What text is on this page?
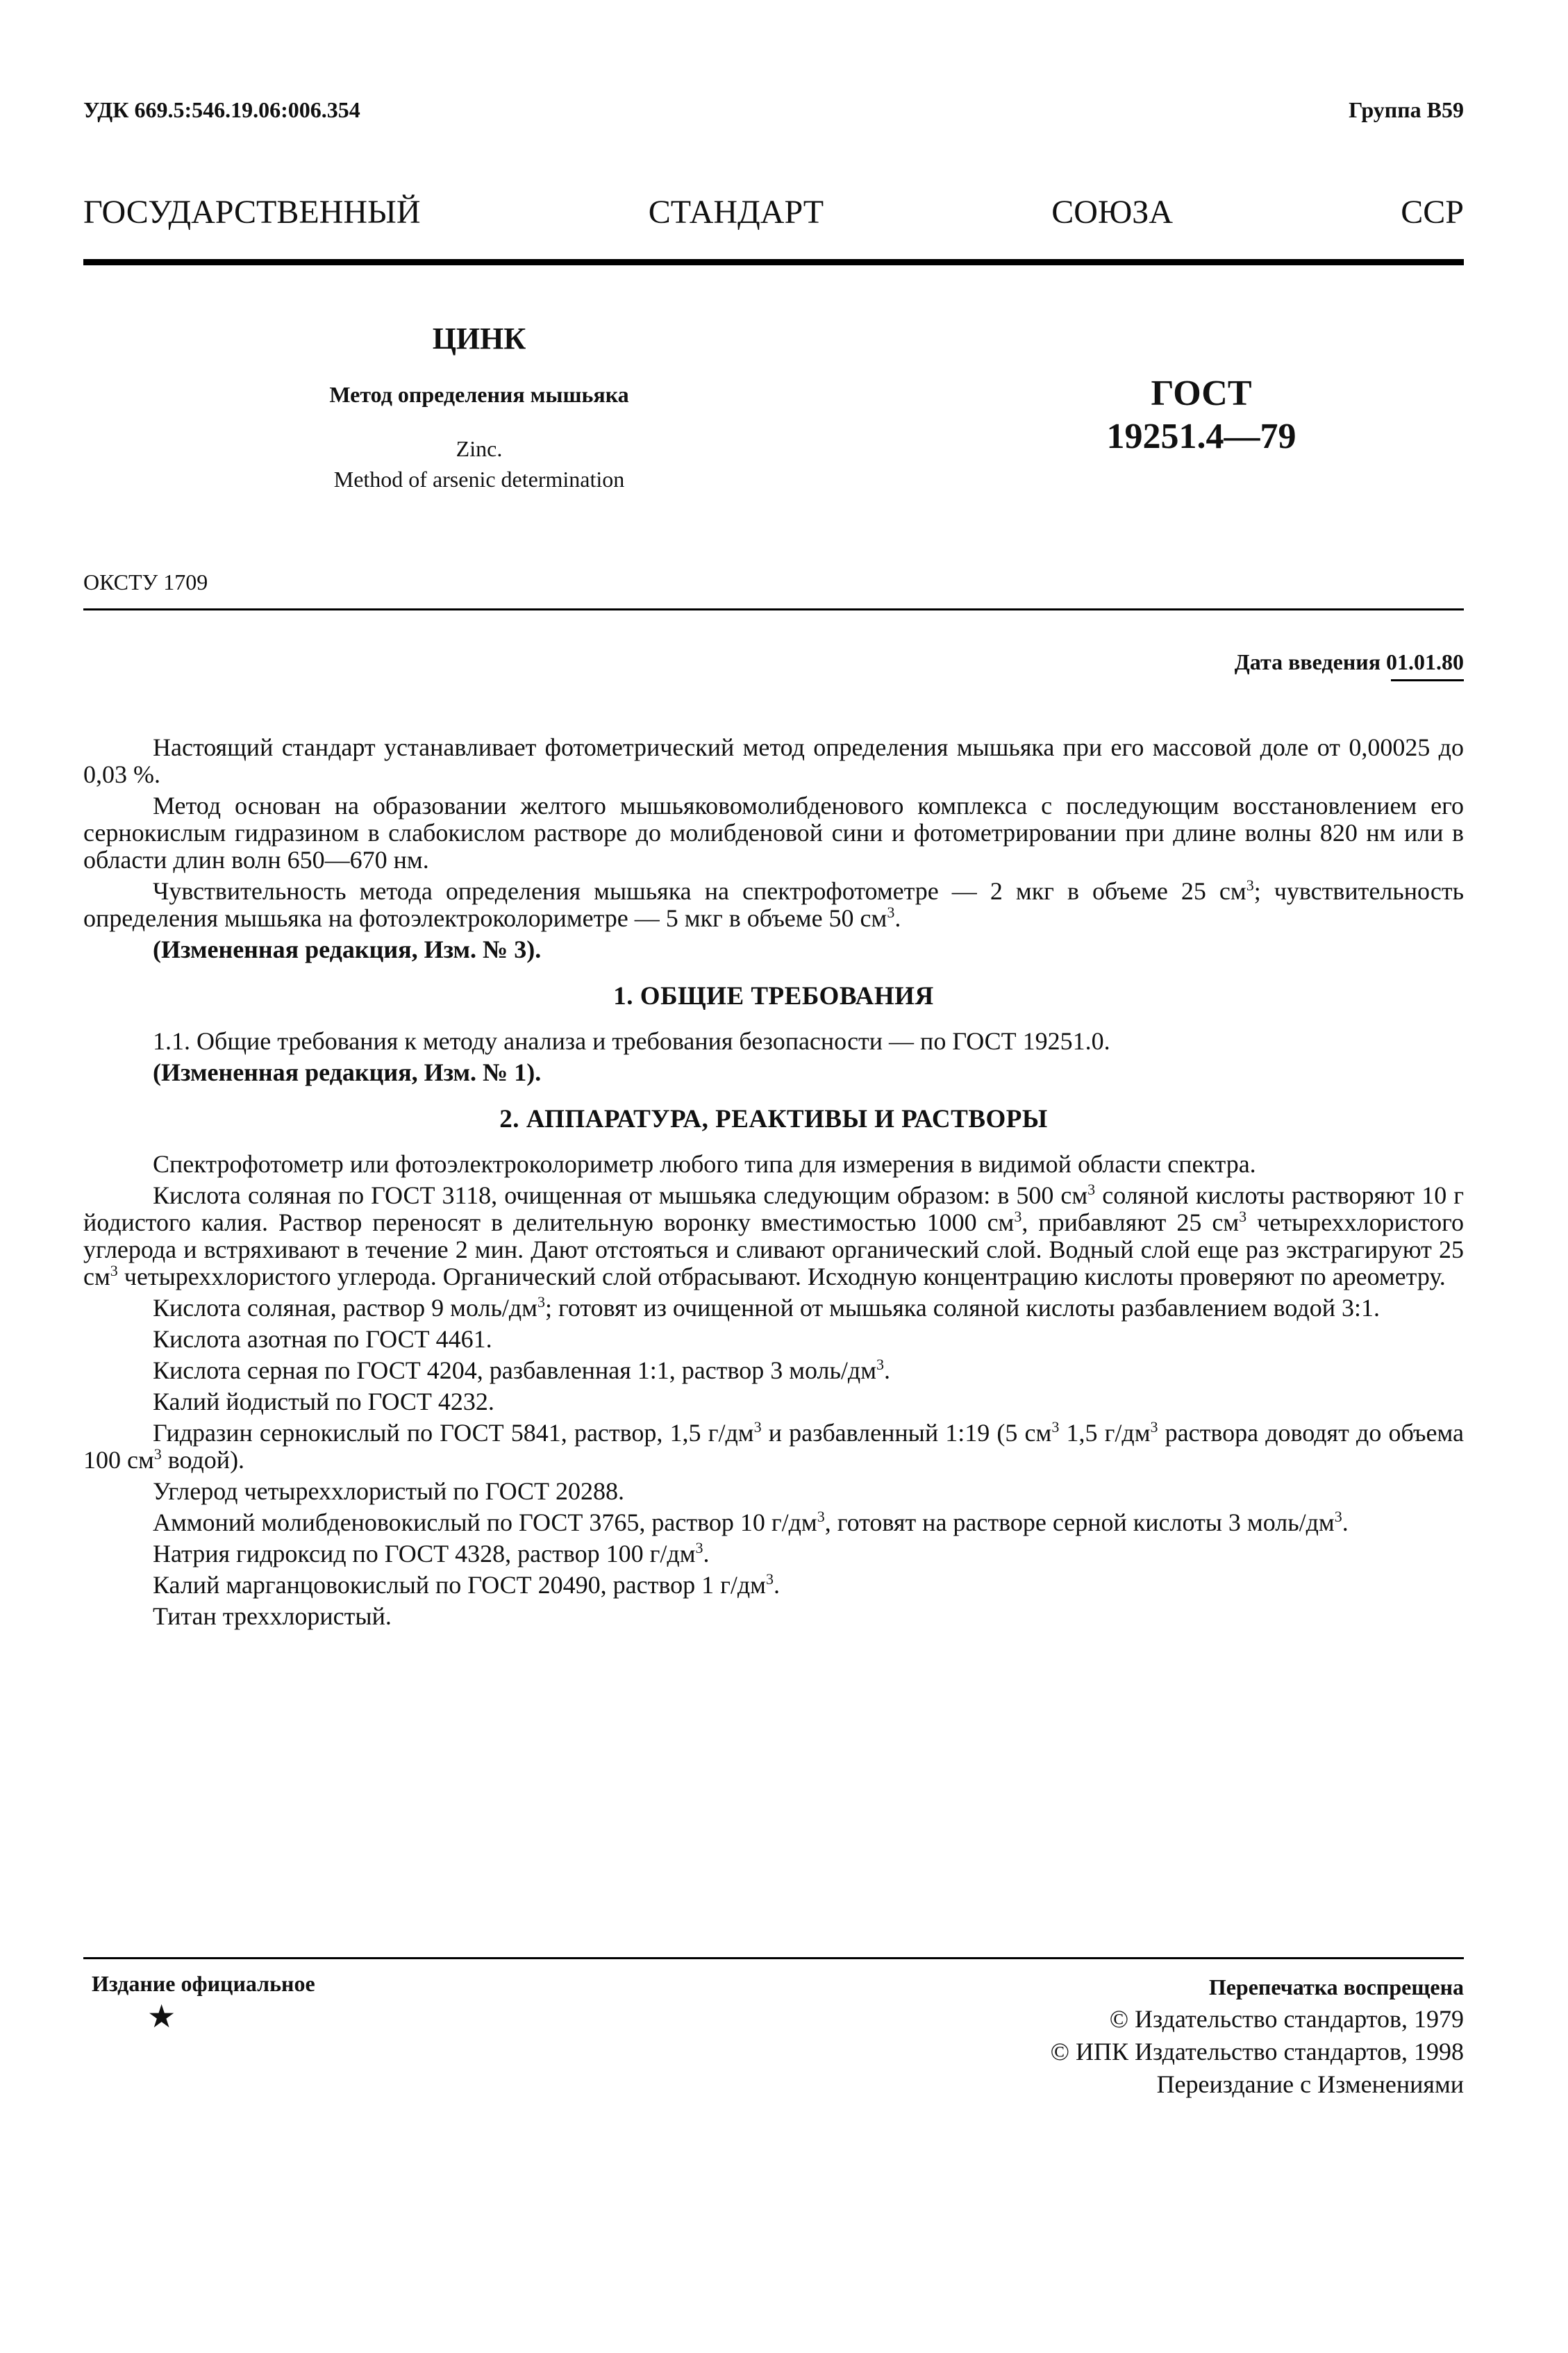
УДК 669.5:546.19.06:006.354	Группа В59
ГОСУДАРСТВЕННЫЙ	СТАНДАРТ	СОЮЗА	ССР
ЦИНК
Метод определения мышьяка
Zinc.
Method of arsenic determination
ГОСТ
19251.4—79
ОКСТУ 1709
Дата введения 01.01.80

Настоящий стандарт устанавливает фотометрический метод определения мышьяка при его массовой доле от 0,00025 до 0,03 %.

Метод основан на образовании желтого мышьяковомолибденового комплекса с последующим восстановлением его сернокислым гидразином в слабокислом растворе до молибденовой сини и фотометрировании при длине волны 820 нм или в области длин волн 650—670 нм.

Чувствительность метода определения мышьяка на спектрофотометре — 2 мкг в объеме 25 $см^3$; чувствительность определения мышьяка на фотоэлектроколориметре — 5 мкг в объеме 50 $см^3$.

(Измененная редакция, Изм. № 3).

1. ОБЩИЕ ТРЕБОВАНИЯ

1.1. Общие требования к методу анализа и требования безопасности — по ГОСТ 19251.0.

(Измененная редакция, Изм. № 1).

2. АППАРАТУРА, РЕАКТИВЫ И РАСТВОРЫ

Спектрофотометр или фотоэлектроколориметр любого типа для измерения в видимой области спектра.

Кислота соляная по ГОСТ 3118, очищенная от мышьяка следующим образом: в 500 $см^3$ соляной кислоты растворяют 10 г йодистого калия. Раствор переносят в делительную воронку вместимостью 1000 $см^3$, прибавляют 25 $см^3$ четыреххлористого углерода и встряхивают в течение 2 мин. Дают отстояться и сливают органический слой. Водный слой еще раз экстрагируют 25 $см^3$ четыреххлористого углерода. Органический слой отбрасывают. Исходную концентрацию кислоты проверяют по ареометру.

Кислота соляная, раствор 9 моль/$дм^3$; готовят из очищенной от мышьяка соляной кислоты разбавлением водой 3:1.

Кислота азотная по ГОСТ 4461.

Кислота серная по ГОСТ 4204, разбавленная 1:1, раствор 3 моль/$дм^3$.

Калий йодистый по ГОСТ 4232.

Гидразин сернокислый по ГОСТ 5841, раствор, 1,5 $г/дм^3$ и разбавленный 1:19 (5 $см^3$ 1,5 $г/дм^3$ раствора доводят до объема 100 $см^3$ водой).

Углерод четыреххлористый по ГОСТ 20288.

Аммоний молибденовокислый по ГОСТ 3765, раствор 10 $г/дм^3$, готовят на растворе серной кислоты 3 моль/$дм^3$.

Натрия гидроксид по ГОСТ 4328, раствор 100 $г/дм^3$.

Калий марганцовокислый по ГОСТ 20490, раствор 1 $г/дм^3$.

Титан треххлористый.

Издание официальное
★
Перепечатка воспрещена
© Издательство стандартов, 1979
© ИПК Издательство стандартов, 1998
Переиздание с Изменениями
